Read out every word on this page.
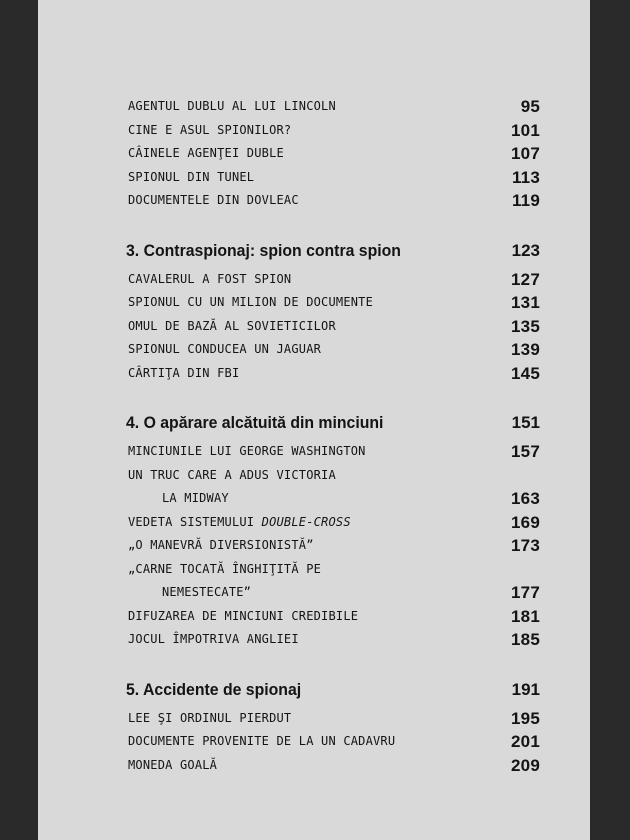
AGENTUL DUBLU AL LUI LINCOLN	95
CINE E ASUL SPIONILOR?	101
CÂINELE AGENŢEI DUBLE	107
SPIONUL DIN TUNEL	113
DOCUMENTELE DIN DOVLEAC	119
3. Contraspionaj: spion contra spion	123
CAVALERUL A FOST SPION	127
SPIONUL CU UN MILION DE DOCUMENTE	131
OMUL DE BAZĂ AL SOVIETICILOR	135
SPIONUL CONDUCEA UN JAGUAR	139
CÂRTIŢA DIN FBI	145
4. O apărare alcătuită din minciuni	151
MINCIUNILE LUI GEORGE WASHINGTON	157
UN TRUC CARE A ADUS VICTORIA
LA MIDWAY	163
VEDETA SISTEMULUI DOUBLE-CROSS	169
„O MANEVRĂ DIVERSIONISTĂ”	173
„CARNE TOCATĂ ÎNGHIŢITĂ PE
NEMESTECATE”	177
DIFUZAREA DE MINCIUNI CREDIBILE	181
JOCUL ÎMPOTRIVA ANGLIEI	185
5. Accidente de spionaj	191
LEE ŞI ORDINUL PIERDUT	195
DOCUMENTE PROVENITE DE LA UN CADAVRU	201
MONEDA GOALĂ	209
